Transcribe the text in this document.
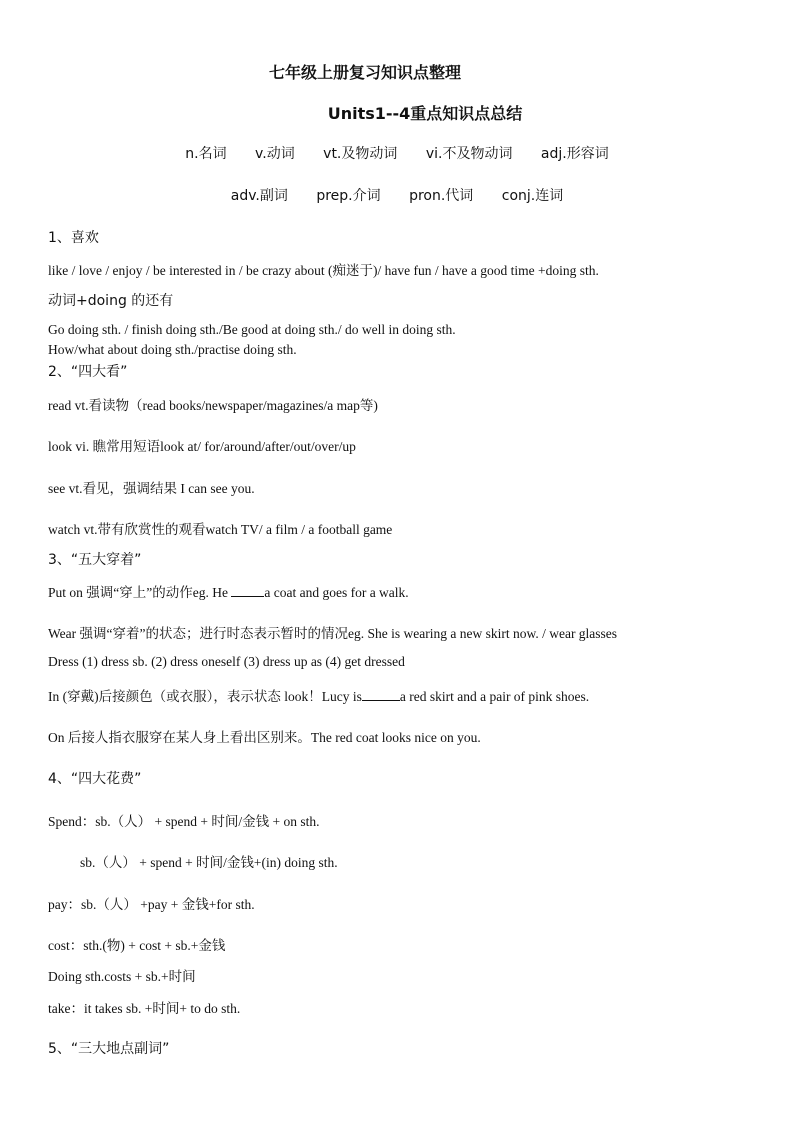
七年级上册复习知识点整理
Units1--4重点知识点总结
n.名词 v.动词 vt.及物动词 vi.不及物动词 adj.形容词
adv.副词 prep.介词 pron.代词 conj.连词
1、喜欢
like / love / enjoy / be interested in / be crazy about (痴迷于)/ have fun / have a good time +doing sth.
动词+doing 的还有
Go doing sth. / finish doing sth./Be good at doing sth./ do well in doing sth.
How/what about doing sth./practise doing sth.
2、“四大看”
read vt.看读物（read books/newspaper/magazines/a map等)
look vi. 瞧常用短语look at/ for/around/after/out/over/up
see vt.看见，强调结果 I can see you.
watch vt.带有欣赏性的观看watch TV/ a film / a football game
3、“五大穿着”
Put on 强调“穿上”的动作eg. He a coat and goes for a walk.
Wear 强调“穿着”的状态；进行时态表示暂时的情况eg. She is wearing a new skirt now. / wear glasses
Dress (1) dress sb. (2) dress oneself (3) dress up as (4) get dressed
In (穿戴)后接颜色（或衣服），表示状态 look！Lucy is	a red skirt and a pair of pink shoes.
On 后接人指衣服穿在某人身上看出区别来。The red coat looks nice on you.
4、“四大花费”
Spend：sb.（人） + spend + 时间/金钱 + on sth.
sb.（人） + spend + 时间/金钱+(in) doing sth.
pay：sb.（人） +pay + 金钱+for sth.
cost：sth.(物) + cost + sb.+金钱
Doing sth.costs + sb.+时间
take：it takes sb. +时间+ to do sth.
5、“三大地点副词”
